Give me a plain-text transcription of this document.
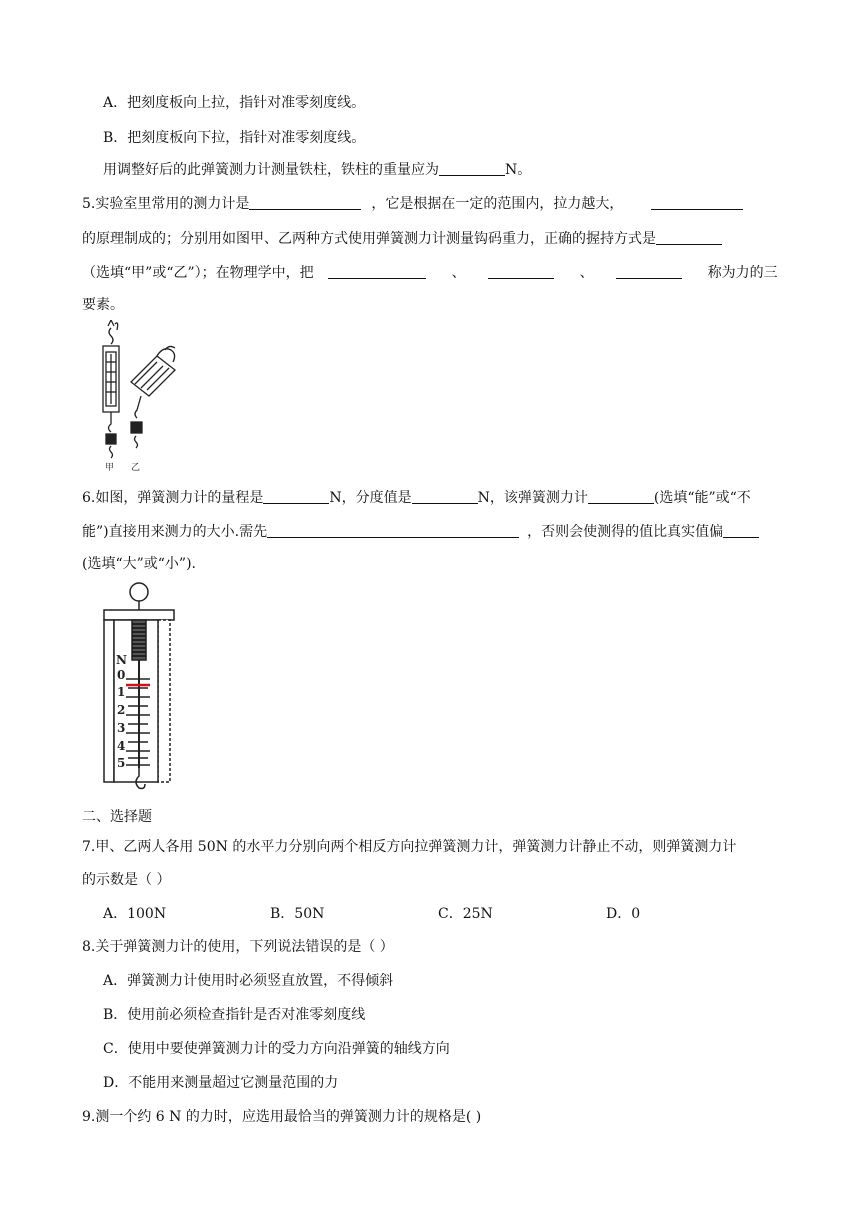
A．把刻度板向上拉，指针对准零刻度线。
B．把刻度板向下拉，指针对准零刻度线。
用调整好后的此弹簧测力计测量铁柱，铁柱的重量应为	N。
5.实验室里常用的测力计是	，它是根据在一定的范围内，拉力越大，
的原理制成的；分别用如图甲、乙两种方式使用弹簧测力计测量钩码重力，正确的握持方式是
（选填“甲”或“乙”）；在物理学中，把	、	、	称为力的三
要素。
甲 乙
6.如图，弹簧测力计的量程是	N，分度值是	N，该弹簧测力计	(选填“能”或“不
能”)直接用来测力的大小.需先	，否则会使测得的值比真实值偏
(选填“大”或“小”).
N
0
1
2
3
4
5
二、选择题
7.甲、乙两人各用 50N 的水平力分别向两个相反方向拉弹簧测力计，弹簧测力计静止不动，则弹簧测力计
的示数是（ ）
A．100N	B．50N	C．25N	D．0
8.关于弹簧测力计的使用，下列说法错误的是（ ）
A．弹簧测力计使用时必须竖直放置，不得倾斜
B．使用前必须检查指针是否对准零刻度线
C．使用中要使弹簧测力计的受力方向沿弹簧的轴线方向
D．不能用来测量超过它测量范围的力
9.测一个约 6 N 的力时，应选用最恰当的弹簧测力计的规格是( )
